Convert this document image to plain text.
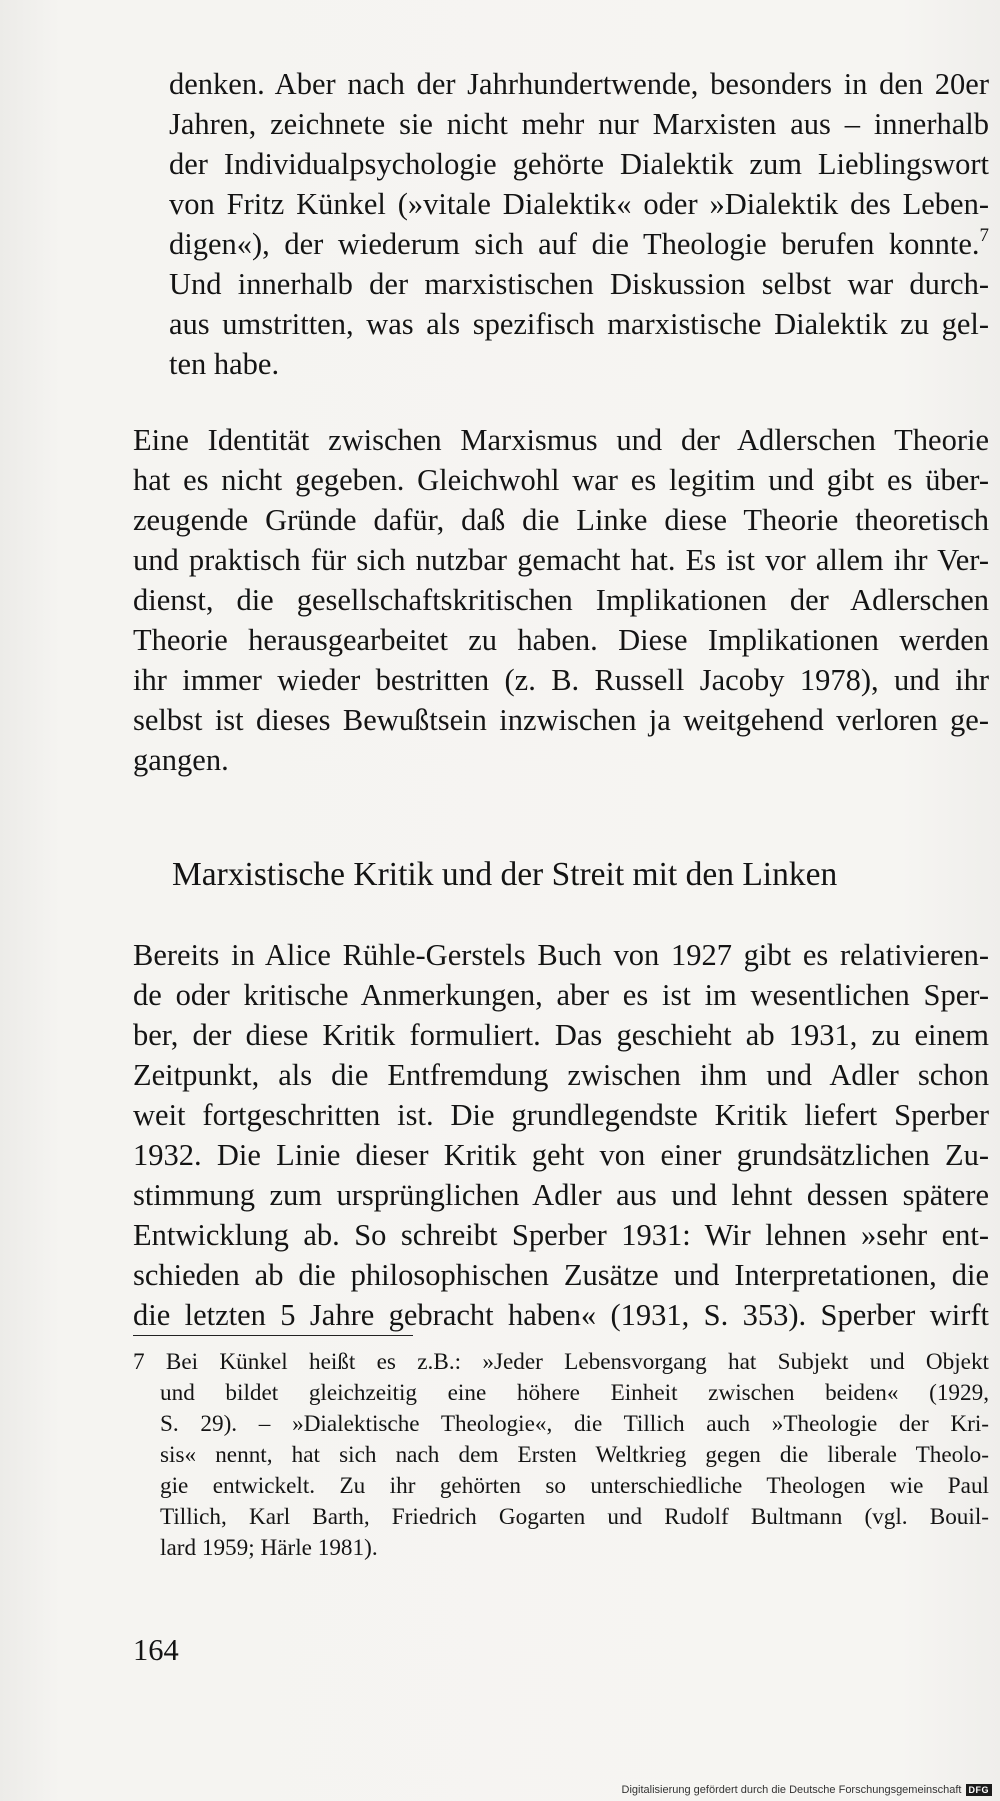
denken. Aber nach der Jahrhundertwende, besonders in den 20er
Jahren, zeichnete sie nicht mehr nur Marxisten aus – innerhalb
der Individualpsychologie gehörte Dialektik zum Lieblingswort
von Fritz Künkel (»vitale Dialektik« oder »Dialektik des Leben-
digen«), der wiederum sich auf die Theologie berufen konnte.$^7$
Und innerhalb der marxistischen Diskussion selbst war durch-
aus umstritten, was als spezifisch marxistische Dialektik zu gel-
ten habe.
Eine Identität zwischen Marxismus und der Adlerschen Theorie
hat es nicht gegeben. Gleichwohl war es legitim und gibt es über-
zeugende Gründe dafür, daß die Linke diese Theorie theoretisch
und praktisch für sich nutzbar gemacht hat. Es ist vor allem ihr Ver-
dienst, die gesellschaftskritischen Implikationen der Adlerschen
Theorie herausgearbeitet zu haben. Diese Implikationen werden
ihr immer wieder bestritten (z. B. Russell Jacoby 1978), und ihr
selbst ist dieses Bewußtsein inzwischen ja weitgehend verloren ge-
gangen.
Marxistische Kritik und der Streit mit den Linken
Bereits in Alice Rühle-Gerstels Buch von 1927 gibt es relativieren-
de oder kritische Anmerkungen, aber es ist im wesentlichen Sper-
ber, der diese Kritik formuliert. Das geschieht ab 1931, zu einem
Zeitpunkt, als die Entfremdung zwischen ihm und Adler schon
weit fortgeschritten ist. Die grundlegendste Kritik liefert Sperber
1932. Die Linie dieser Kritik geht von einer grundsätzlichen Zu-
stimmung zum ursprünglichen Adler aus und lehnt dessen spätere
Entwicklung ab. So schreibt Sperber 1931: Wir lehnen »sehr ent-
schieden ab die philosophischen Zusätze und Interpretationen, die
die letzten 5 Jahre gebracht haben« (1931, S. 353). Sperber wirft
7 Bei Künkel heißt es z.B.: »Jeder Lebensvorgang hat Subjekt und Objekt
und bildet gleichzeitig eine höhere Einheit zwischen beiden« (1929,
S. 29). – »Dialektische Theologie«, die Tillich auch »Theologie der Kri-
sis« nennt, hat sich nach dem Ersten Weltkrieg gegen die liberale Theolo-
gie entwickelt. Zu ihr gehörten so unterschiedliche Theologen wie Paul
Tillich, Karl Barth, Friedrich Gogarten und Rudolf Bultmann (vgl. Bouil-
lard 1959; Härle 1981).
164
Digitalisierung gefördert durch die Deutsche Forschungsgemeinschaft DFG
